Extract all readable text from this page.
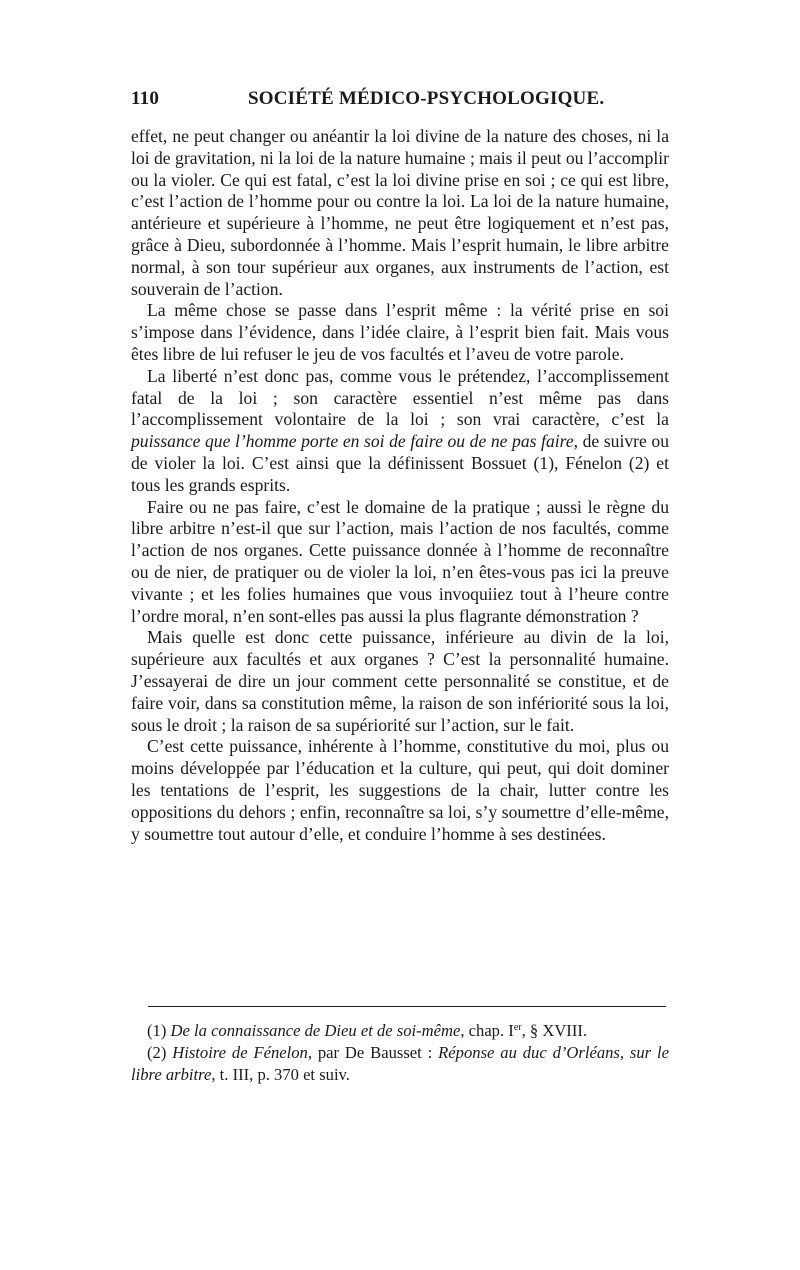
110	SOCIÉTÉ MÉDICO-PSYCHOLOGIQUE.

effet, ne peut changer ou anéantir la loi divine de la nature des choses, ni la loi de gravitation, ni la loi de la nature humaine ; mais il peut ou l’accomplir ou la violer. Ce qui est fatal, c’est la loi divine prise en soi ; ce qui est libre, c’est l’action de l’homme pour ou contre la loi. La loi de la nature humaine, antérieure et supérieure à l’homme, ne peut être logiquement et n’est pas, grâce à Dieu, subordonnée à l’homme. Mais l’esprit humain, le libre arbitre normal, à son tour supérieur aux organes, aux instruments de l’action, est souverain de l’action.

La même chose se passe dans l’esprit même : la vérité prise en soi s’impose dans l’évidence, dans l’idée claire, à l’esprit bien fait. Mais vous êtes libre de lui refuser le jeu de vos facultés et l’aveu de votre parole.

La liberté n’est donc pas, comme vous le prétendez, l’accomplissement fatal de la loi ; son caractère essentiel n’est même pas dans l’accomplissement volontaire de la loi ; son vrai caractère, c’est la puissance que l’homme porte en soi de faire ou de ne pas faire, de suivre ou de violer la loi. C’est ainsi que la définissent Bossuet (1), Fénelon (2) et tous les grands esprits.

Faire ou ne pas faire, c’est le domaine de la pratique ; aussi le règne du libre arbitre n’est-il que sur l’action, mais l’action de nos facultés, comme l’action de nos organes. Cette puissance donnée à l’homme de reconnaître ou de nier, de pratiquer ou de violer la loi, n’en êtes-vous pas ici la preuve vivante ; et les folies humaines que vous invoquiiez tout à l’heure contre l’ordre moral, n’en sont-elles pas aussi la plus flagrante démonstration ?

Mais quelle est donc cette puissance, inférieure au divin de la loi, supérieure aux facultés et aux organes ? C’est la personnalité humaine. J’essayerai de dire un jour comment cette personnalité se constitue, et de faire voir, dans sa constitution même, la raison de son infériorité sous la loi, sous le droit ; la raison de sa supériorité sur l’action, sur le fait.

C’est cette puissance, inhérente à l’homme, constitutive du moi, plus ou moins développée par l’éducation et la culture, qui peut, qui doit dominer les tentations de l’esprit, les suggestions de la chair, lutter contre les oppositions du dehors ; enfin, reconnaître sa loi, s’y soumettre d’elle-même, y soumettre tout autour d’elle, et conduire l’homme à ses destinées.

(1) De la connaissance de Dieu et de soi-même, chap. Ier, § XVIII.

(2) Histoire de Fénelon, par De Bausset : Réponse au duc d’Orléans, sur le libre arbitre, t. III, p. 370 et suiv.
